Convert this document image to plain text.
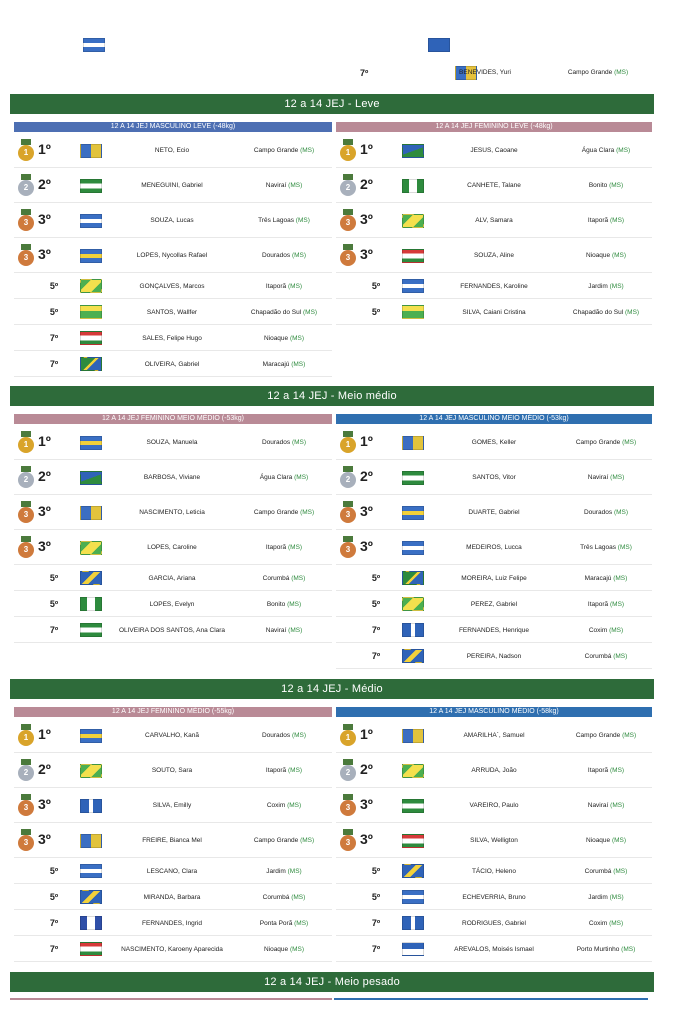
7º	BENEVIDES, Yuri	Campo Grande (MS)
12 a 14 JEJ - Leve
12 A 14 JEJ MASCULINO LEVE (-48kg)
1 1º	NETO, Ecio	Campo Grande (MS)
2 2º	MENEGUINI, Gabriel	Naviraí (MS)
3 3º	SOUZA, Lucas	Três Lagoas (MS)
3 3º	LOPES, Nycollas Rafael	Dourados (MS)
5º	GONÇALVES, Marcos	Itaporã (MS)
5º	SANTOS, Wallfer	Chapadão do Sul (MS)
7º	SALES, Felipe Hugo	Nioaque (MS)
7º	OLIVEIRA, Gabriel	Maracajú (MS)
12 A 14 JEJ FEMININO LEVE (-48kg)
1 1º	JESUS, Caoane	Água Clara (MS)
2 2º	CANHETE, Talane	Bonito (MS)
3 3º	ALV, Samara	Itaporã (MS)
3 3º	SOUZA, Aline	Nioaque (MS)
5º	FERNANDES, Karoline	Jardim (MS)
5º	SILVA, Caiani Cristina	Chapadão do Sul (MS)
12 a 14 JEJ - Meio médio
12 A 14 JEJ FEMININO MEIO MÉDIO (-53kg)
1 1º	SOUZA, Manuela	Dourados (MS)
2 2º	BARBOSA, Viviane	Água Clara (MS)
3 3º	NASCIMENTO, Leticia	Campo Grande (MS)
3 3º	LOPES, Caroline	Itaporã (MS)
5º	GARCIA, Ariana	Corumbá (MS)
5º	LOPES, Evelyn	Bonito (MS)
7º	OLIVEIRA DOS SANTOS, Ana Clara	Naviraí (MS)
12 A 14 JEJ MASCULINO MEIO MÉDIO (-53kg)
1 1º	GOMES, Keller	Campo Grande (MS)
2 2º	SANTOS, Vitor	Naviraí (MS)
3 3º	DUARTE, Gabriel	Dourados (MS)
3 3º	MEDEIROS, Lucca	Três Lagoas (MS)
5º	MOREIRA, Luiz Felipe	Maracajú (MS)
5º	PEREZ, Gabriel	Itaporã (MS)
7º	FERNANDES, Henrique	Coxim (MS)
7º	PEREIRA, Nadson	Corumbá (MS)
12 a 14 JEJ - Médio
12 A 14 JEJ FEMININO MÉDIO (-55kg)
1 1º	CARVALHO, Kanã	Dourados (MS)
2 2º	SOUTO, Sara	Itaporã (MS)
3 3º	SILVA, Emilly	Coxim (MS)
3 3º	FREIRE, Bianca Mel	Campo Grande (MS)
5º	LESCANO, Clara	Jardim (MS)
5º	MIRANDA, Barbara	Corumbá (MS)
7º	FERNANDES, Ingrid	Ponta Porã (MS)
7º	NASCIMENTO, Karoeny Aparecida	Nioaque (MS)
12 A 14 JEJ MASCULINO MÉDIO (-58kg)
1 1º	AMARILHA´, Samuel	Campo Grande (MS)
2 2º	ARRUDA, João	Itaporã (MS)
3 3º	VAREIRO, Paulo	Naviraí (MS)
3 3º	SILVA, Welligton	Nioaque (MS)
5º	TÁCIO, Heleno	Corumbá (MS)
5º	ECHEVERRIA, Bruno	Jardim (MS)
7º	RODRIGUES, Gabriel	Coxim (MS)
7º	AREVALOS, Moisés Ismael	Porto Murtinho (MS)
12 a 14 JEJ - Meio pesado
